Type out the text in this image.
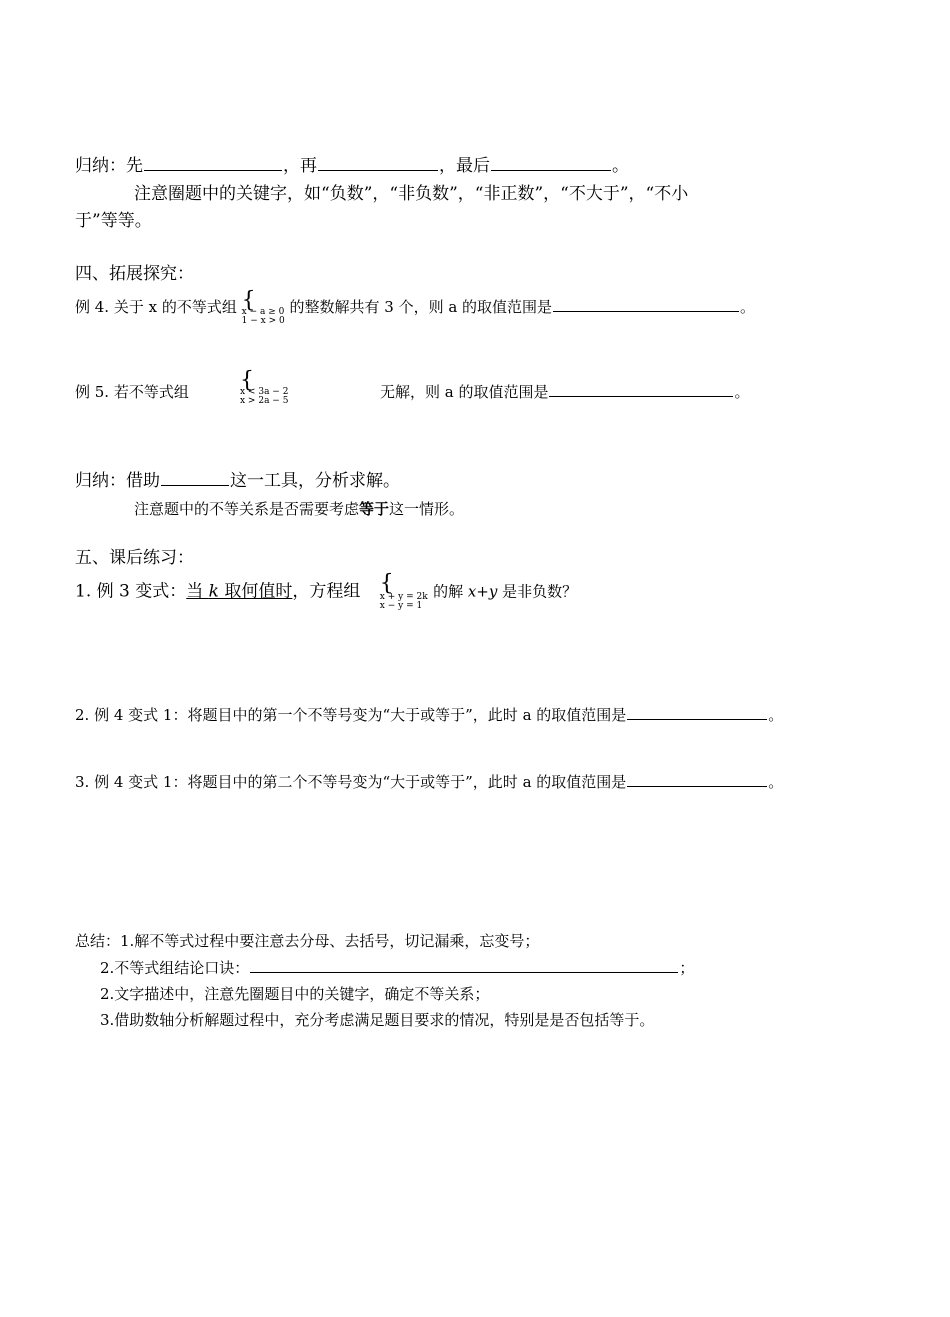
归纳：先	，再	，最后	。
注意圈题中的关键字，如“负数”，“非负数”，“非正数”，“不大于”，“不小
于”等等。
四、拓展探究：
例 4. 关于 x 的不等式组 {
x − a ≥ 0
1 − x > 0
的整数解共有 3 个，则 a 的取值范围是	。
{
x < 3a − 2
x > 2a − 5
例 5. 若不等式组	无解，则 a 的取值范围是	。
归纳：借助	这一工具，分析求解。
注意题中的不等关系是否需要考虑等于这一情形。
五、课后练习：
1. 例 3 变式：当 k 取何值时，方程组 {
x + y = 2k
x − y = 1
的解 x+y 是非负数？
2. 例 4 变式 1：将题目中的第一个不等号变为“大于或等于”，此时 a 的取值范围是	。
3. 例 4 变式 1：将题目中的第二个不等号变为“大于或等于”，此时 a 的取值范围是	。
总结：1.解不等式过程中要注意去分母、去括号，切记漏乘，忘变号；
2.不等式组结论口诀：	；
2.文字描述中，注意先圈题目中的关键字，确定不等关系；
3.借助数轴分析解题过程中，充分考虑满足题目要求的情况，特别是是否包括等于。
